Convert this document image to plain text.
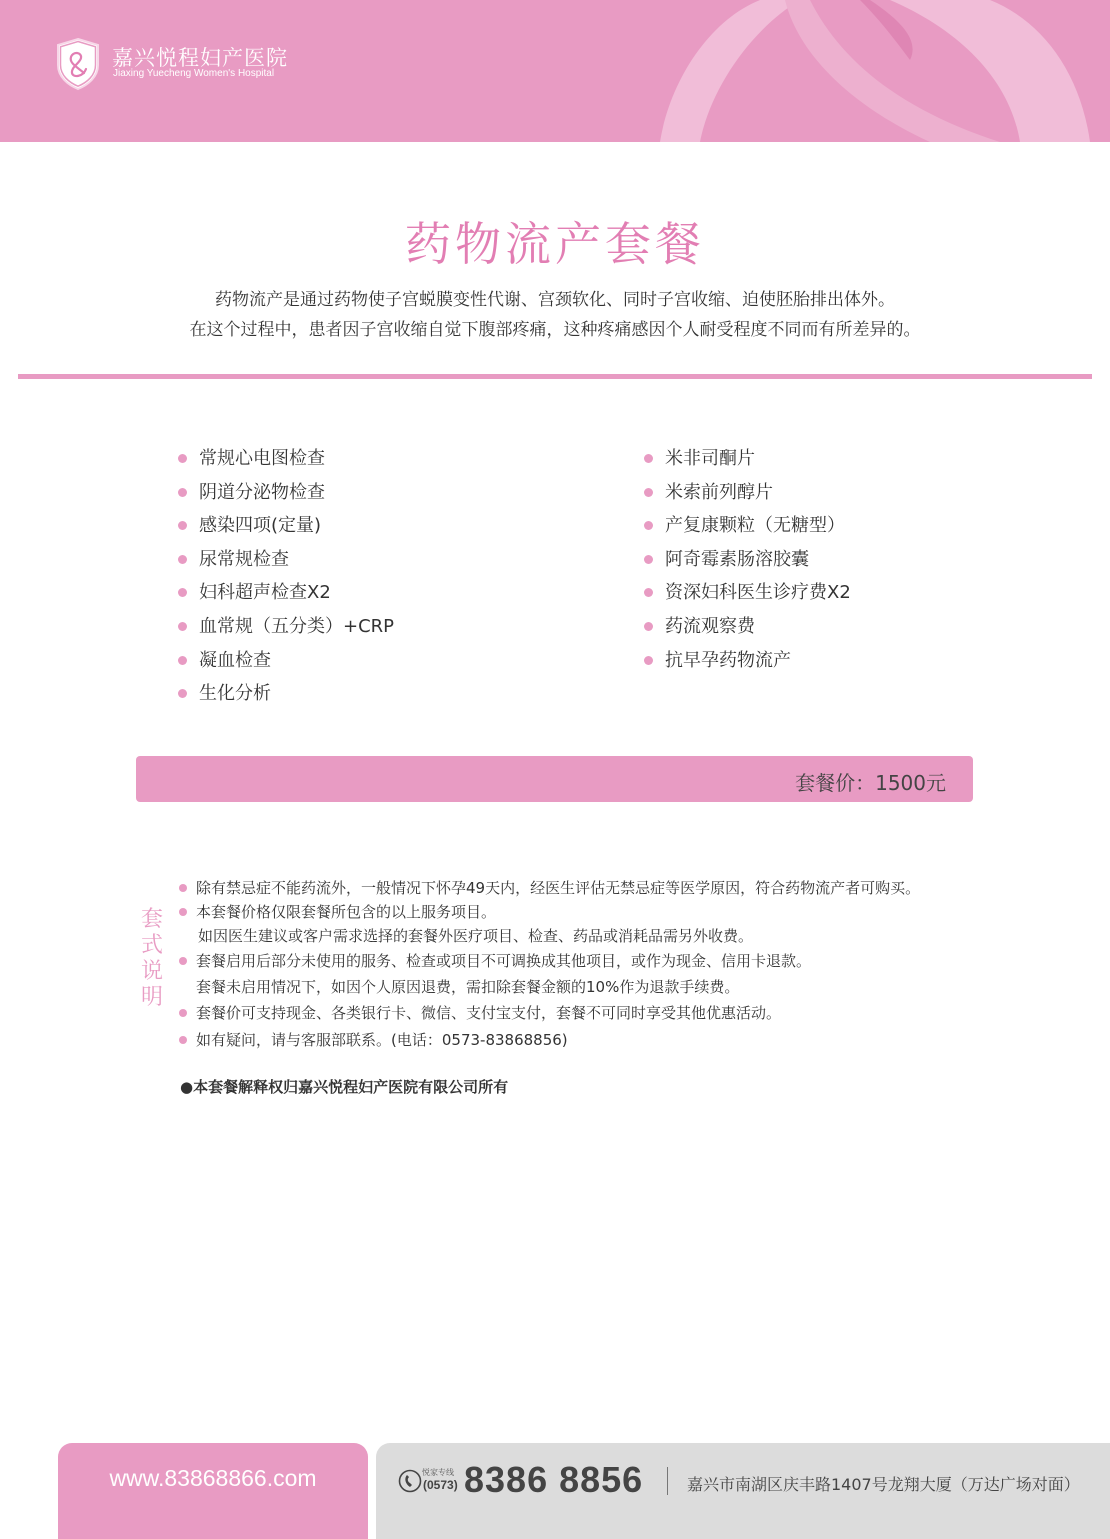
嘉兴悦程妇产医院
Jiaxing Yuecheng Women's Hospital
药物流产套餐
药物流产是通过药物使子宫蜕膜变性代谢、宫颈软化、同时子宫收缩、迫使胚胎排出体外。
在这个过程中，患者因子宫收缩自觉下腹部疼痛，这种疼痛感因个人耐受程度不同而有所差异的。
常规心电图检查
阴道分泌物检查
感染四项(定量)
尿常规检查
妇科超声检查X2
血常规（五分类）+CRP
凝血检查
生化分析
米非司酮片
米索前列醇片
产复康颗粒（无糖型）
阿奇霉素肠溶胶囊
资深妇科医生诊疗费X2
药流观察费
抗早孕药物流产
套餐价：1500元
套式说明
除有禁忌症不能药流外，一般情况下怀孕49天内，经医生评估无禁忌症等医学原因，符合药物流产者可购买。
本套餐价格仅限套餐所包含的以上服务项目。
如因医生建议或客户需求选择的套餐外医疗项目、检查、药品或消耗品需另外收费。
套餐启用后部分未使用的服务、检查或项目不可调换成其他项目，或作为现金、信用卡退款。
套餐未启用情况下，如因个人原因退费，需扣除套餐金额的10%作为退款手续费。
套餐价可支持现金、各类银行卡、微信、支付宝支付，套餐不可同时享受其他优惠活动。
如有疑问，请与客服部联系。(电话：0573-83868856)
●本套餐解释权归嘉兴悦程妇产医院有限公司所有
www.83868866.com	悦家专线
(0573) 8386 8856	嘉兴市南湖区庆丰路1407号龙翔大厦（万达广场对面）
